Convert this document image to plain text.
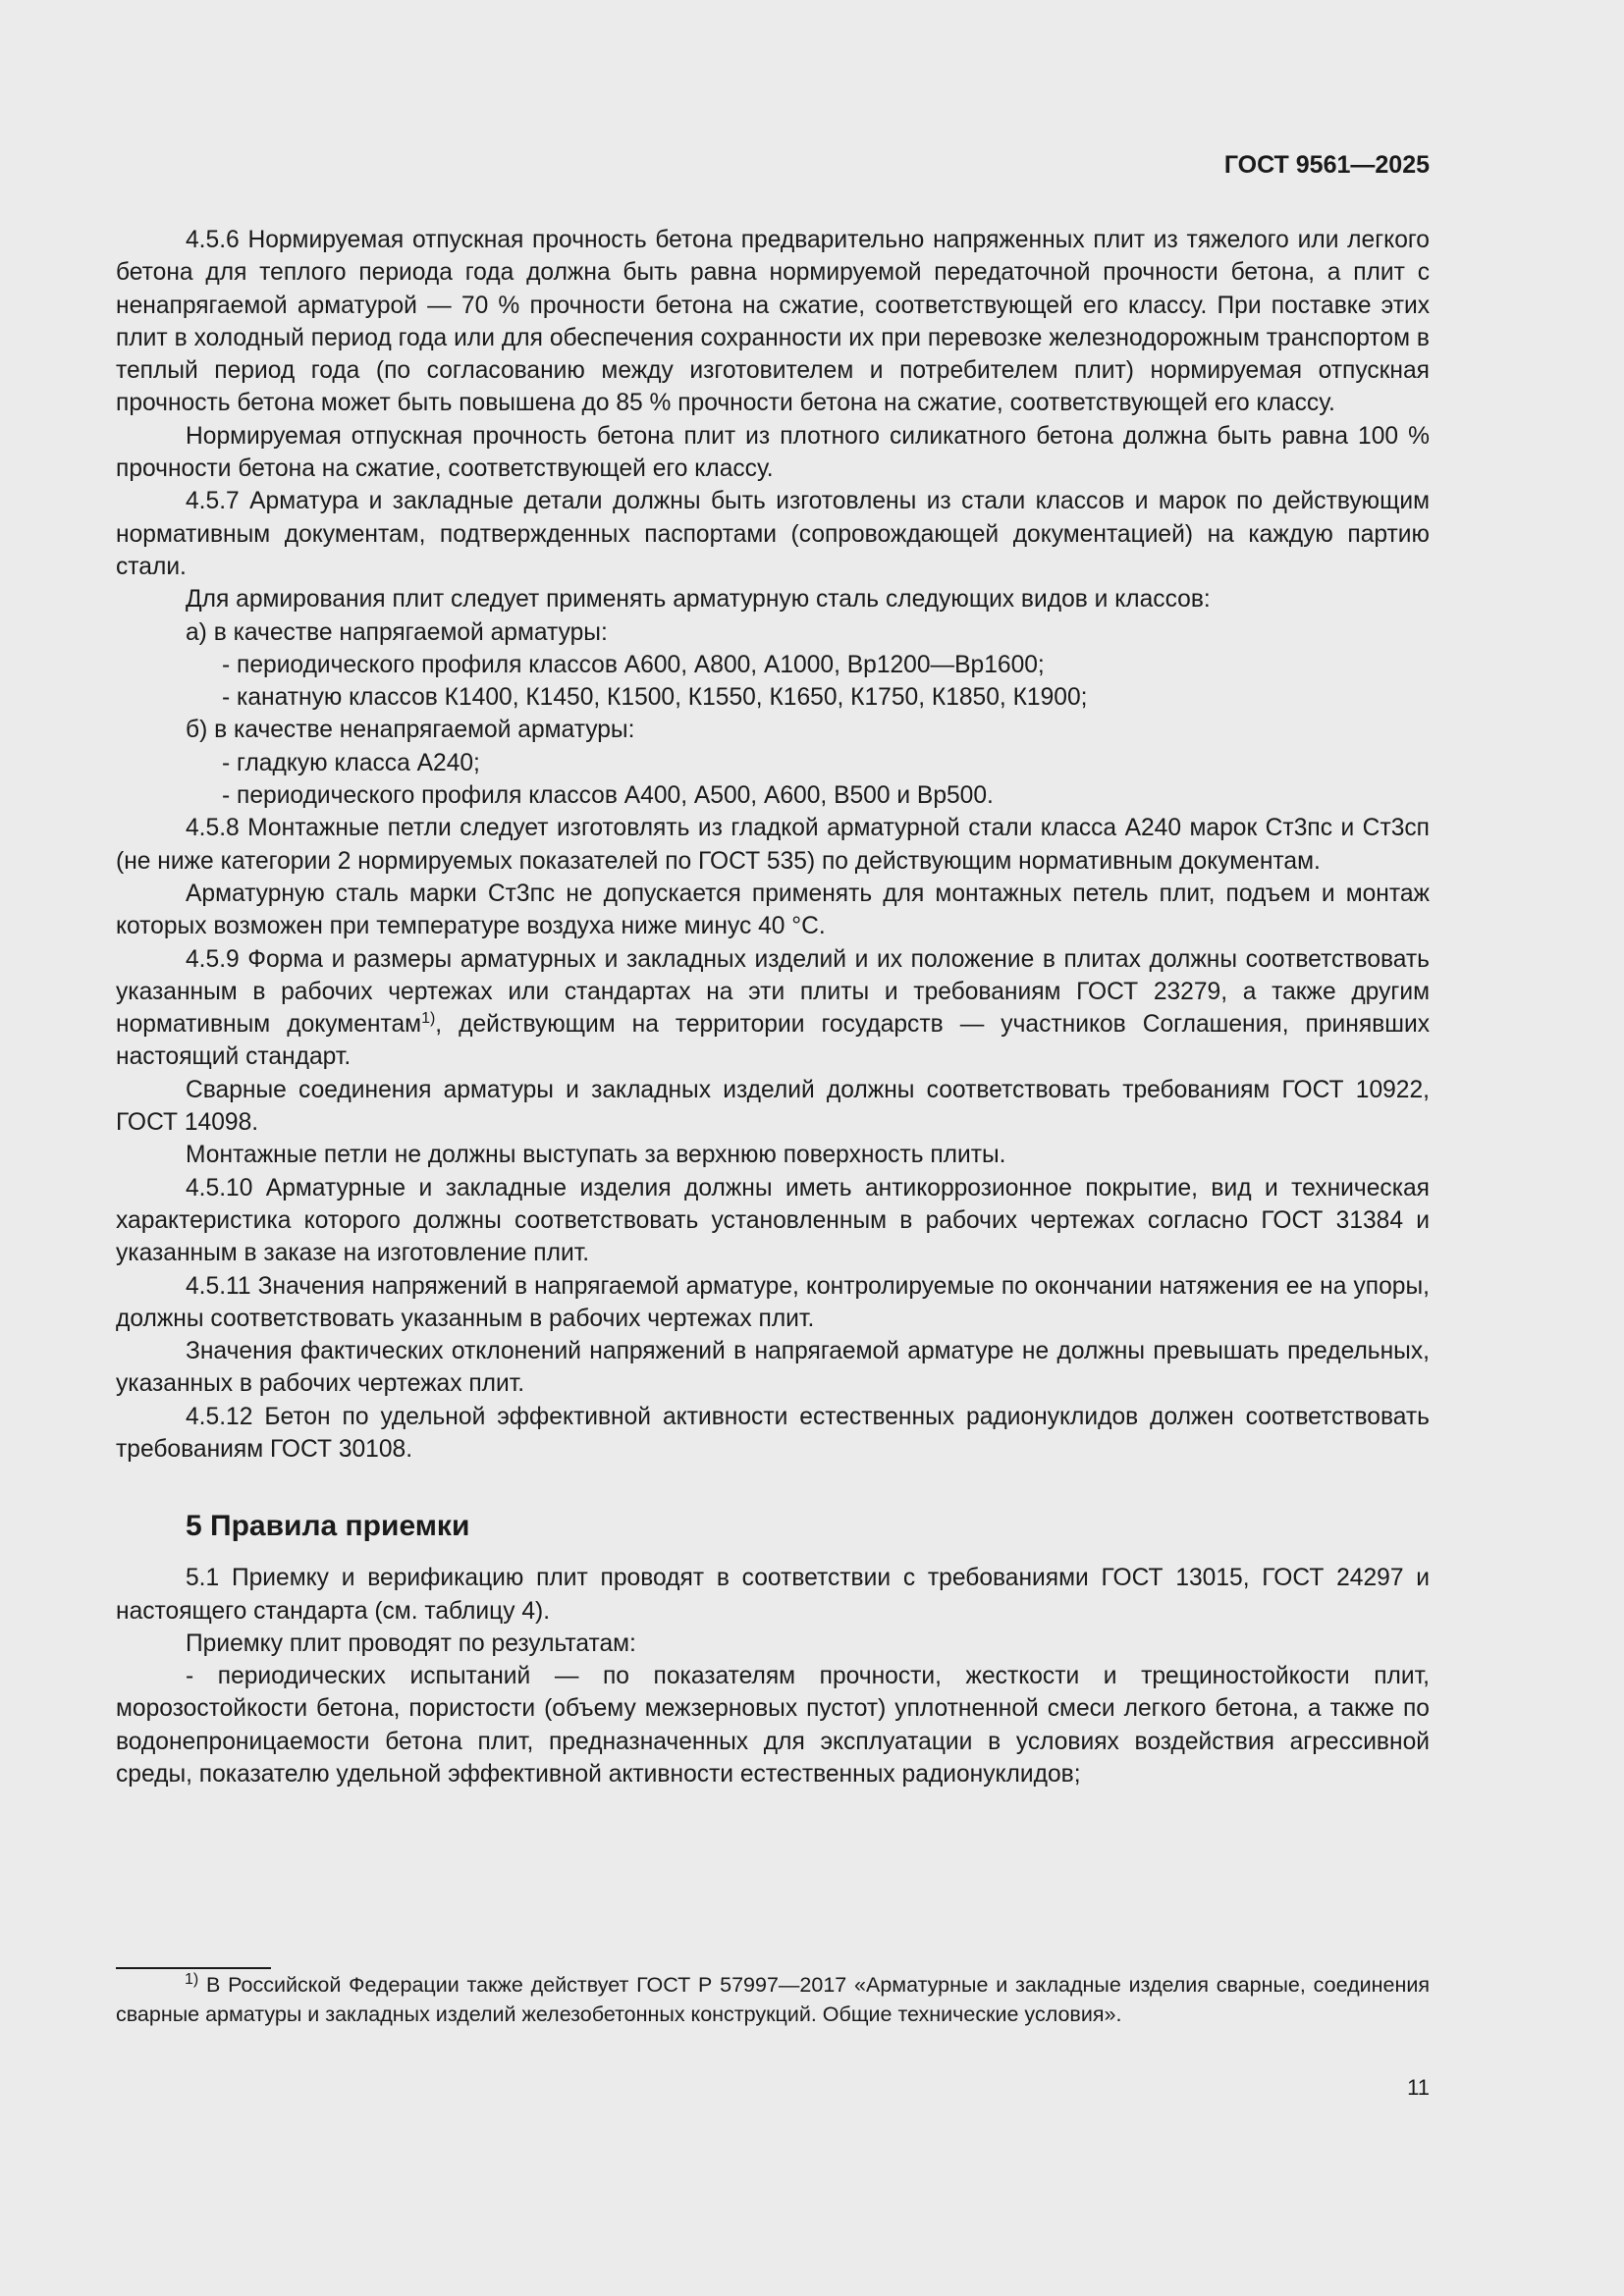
ГОСТ 9561—2025

4.5.6 Нормируемая отпускная прочность бетона предварительно напряженных плит из тяжелого или легкого бетона для теплого периода года должна быть равна нормируемой передаточной прочности бетона, а плит с ненапрягаемой арматурой — 70 % прочности бетона на сжатие, соответствующей его классу. При поставке этих плит в холодный период года или для обеспечения сохранности их при перевозке железнодорожным транспортом в теплый период года (по согласованию между изготовителем и потребителем плит) нормируемая отпускная прочность бетона может быть повышена до 85 % прочности бетона на сжатие, соответствующей его классу.

Нормируемая отпускная прочность бетона плит из плотного силикатного бетона должна быть равна 100 % прочности бетона на сжатие, соответствующей его классу.

4.5.7 Арматура и закладные детали должны быть изготовлены из стали классов и марок по действующим нормативным документам, подтвержденных паспортами (сопровождающей документацией) на каждую партию стали.

Для армирования плит следует применять арматурную сталь следующих видов и классов:

а) в качестве напрягаемой арматуры:

- периодического профиля классов А600, А800, А1000, Вр1200—Вр1600;

- канатную классов К1400, К1450, К1500, К1550, К1650, К1750, К1850, К1900;

б) в качестве ненапрягаемой арматуры:

- гладкую класса А240;

- периодического профиля классов А400, А500, А600, В500 и Вр500.

4.5.8 Монтажные петли следует изготовлять из гладкой арматурной стали класса А240 марок Ст3пс и Ст3сп (не ниже категории 2 нормируемых показателей по ГОСТ 535) по действующим нормативным документам.

Арматурную сталь марки Ст3пс не допускается применять для монтажных петель плит, подъем и монтаж которых возможен при температуре воздуха ниже минус 40 °С.

4.5.9 Форма и размеры арматурных и закладных изделий и их положение в плитах должны соответствовать указанным в рабочих чертежах или стандартах на эти плиты и требованиям ГОСТ 23279, а также другим нормативным документам$^{1)}$, действующим на территории государств — участников Соглашения, принявших настоящий стандарт.

Сварные соединения арматуры и закладных изделий должны соответствовать требованиям ГОСТ 10922, ГОСТ 14098.

Монтажные петли не должны выступать за верхнюю поверхность плиты.

4.5.10 Арматурные и закладные изделия должны иметь антикоррозионное покрытие, вид и техническая характеристика которого должны соответствовать установленным в рабочих чертежах согласно ГОСТ 31384 и указанным в заказе на изготовление плит.

4.5.11 Значения напряжений в напрягаемой арматуре, контролируемые по окончании натяжения ее на упоры, должны соответствовать указанным в рабочих чертежах плит.

Значения фактических отклонений напряжений в напрягаемой арматуре не должны превышать предельных, указанных в рабочих чертежах плит.

4.5.12 Бетон по удельной эффективной активности естественных радионуклидов должен соответствовать требованиям ГОСТ 30108.

5 Правила приемки

5.1 Приемку и верификацию плит проводят в соответствии с требованиями ГОСТ 13015, ГОСТ 24297 и настоящего стандарта (см. таблицу 4).

Приемку плит проводят по результатам:

- периодических испытаний — по показателям прочности, жесткости и трещиностойкости плит, морозостойкости бетона, пористости (объему межзерновых пустот) уплотненной смеси легкого бетона, а также по водонепроницаемости бетона плит, предназначенных для эксплуатации в условиях воздействия агрессивной среды, показателю удельной эффективной активности естественных радионуклидов;

$^{1)}$ В Российской Федерации также действует ГОСТ Р 57997—2017 «Арматурные и закладные изделия сварные, соединения сварные арматуры и закладных изделий железобетонных конструкций. Общие технические условия».

11
